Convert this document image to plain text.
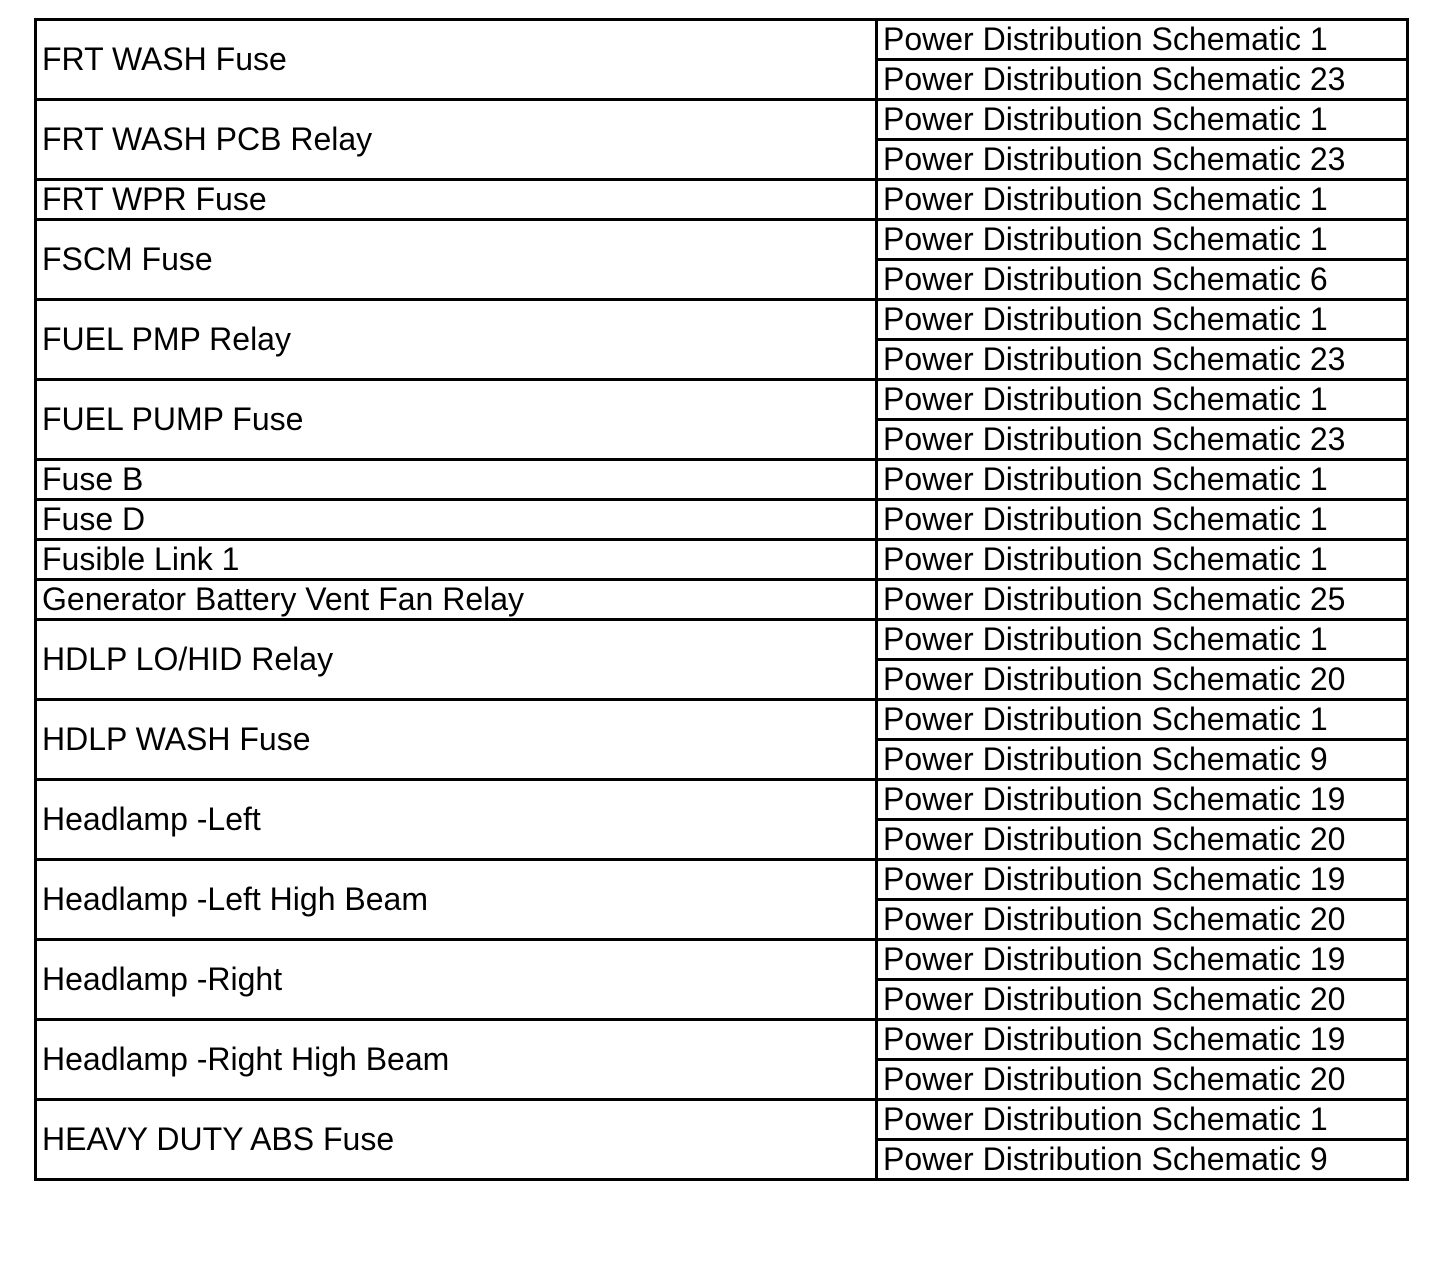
FRT WASH Fuse	Power Distribution Schematic 1
	Power Distribution Schematic 23
FRT WASH PCB Relay	Power Distribution Schematic 1
	Power Distribution Schematic 23
FRT WPR Fuse	Power Distribution Schematic 1
FSCM Fuse	Power Distribution Schematic 1
	Power Distribution Schematic 6
FUEL PMP Relay	Power Distribution Schematic 1
	Power Distribution Schematic 23
FUEL PUMP Fuse	Power Distribution Schematic 1
	Power Distribution Schematic 23
Fuse B	Power Distribution Schematic 1
Fuse D	Power Distribution Schematic 1
Fusible Link 1	Power Distribution Schematic 1
Generator Battery Vent Fan Relay	Power Distribution Schematic 25
HDLP LO/HID Relay	Power Distribution Schematic 1
	Power Distribution Schematic 20
HDLP WASH Fuse	Power Distribution Schematic 1
	Power Distribution Schematic 9
Headlamp -Left	Power Distribution Schematic 19
	Power Distribution Schematic 20
Headlamp -Left High Beam	Power Distribution Schematic 19
	Power Distribution Schematic 20
Headlamp -Right	Power Distribution Schematic 19
	Power Distribution Schematic 20
Headlamp -Right High Beam	Power Distribution Schematic 19
	Power Distribution Schematic 20
HEAVY DUTY ABS Fuse	Power Distribution Schematic 1
	Power Distribution Schematic 9
